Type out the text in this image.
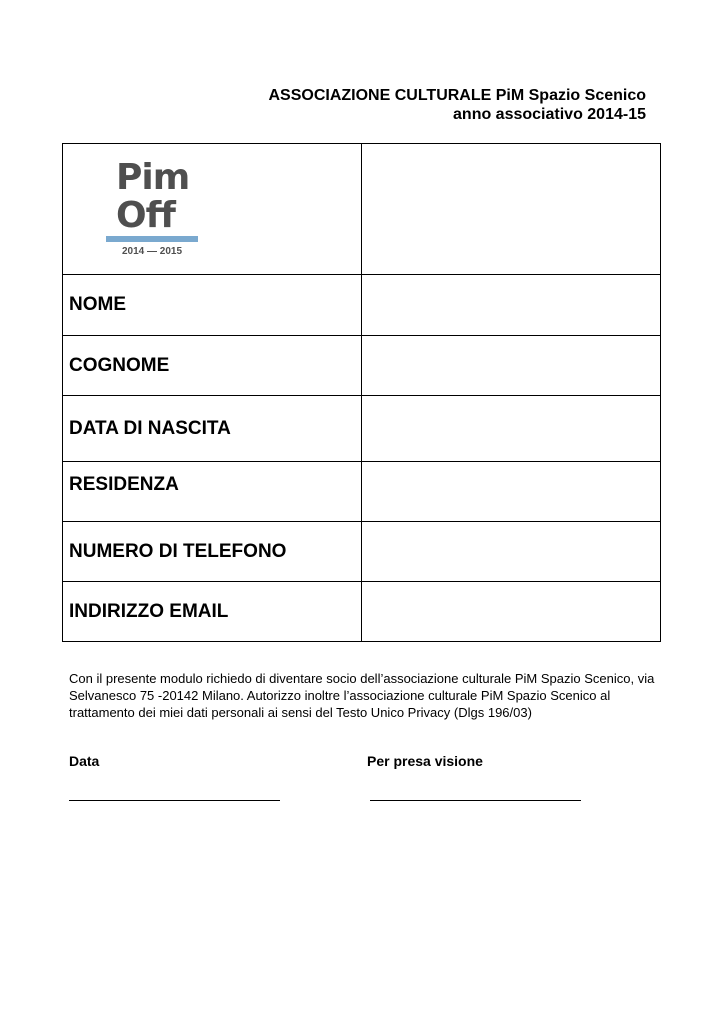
ASSOCIAZIONE CULTURALE PiM Spazio Scenico
anno associativo 2014-15
Pim
Off
2014 — 2015	

NOME	
COGNOME	
DATA DI NASCITA	
RESIDENZA	
NUMERO DI TELEFONO	
INDIRIZZO EMAIL	
Con il presente modulo richiedo di diventare socio dell’associazione culturale PiM Spazio Scenico, via Selvanesco 75 -20142 Milano. Autorizzo inoltre l’associazione culturale PiM Spazio Scenico al trattamento dei miei dati personali ai sensi del Testo Unico Privacy (Dlgs 196/03)
Data	Per presa visione
